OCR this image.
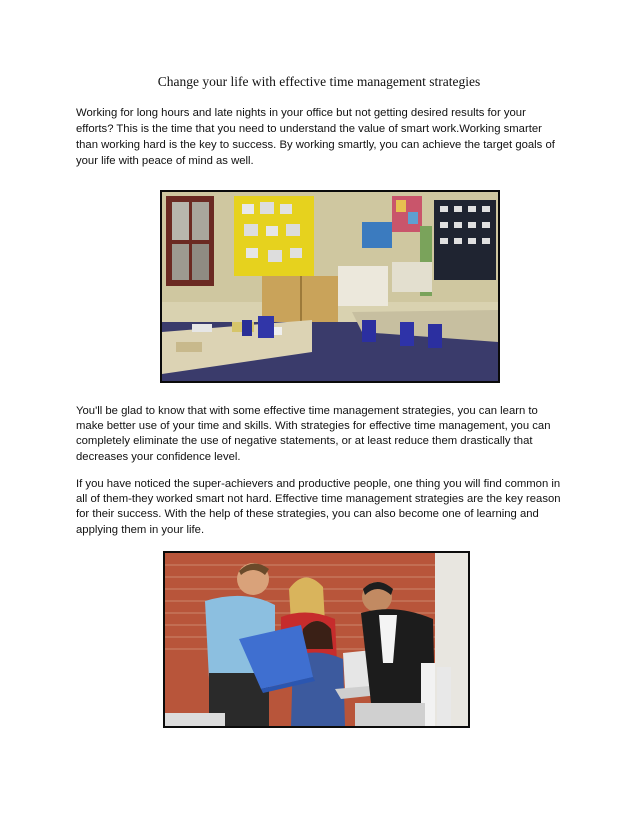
Change your life with effective time management strategies

Working for long hours and late nights in your office but not getting desired results for your efforts? This is the time that you need to understand the value of smart work.Working smarter than working hard is the key to success. By working smartly, you can achieve the target goals of your life with peace of mind as well.

You'll be glad to know that with some effective time management strategies, you can learn to make better use of your time and skills. With strategies for effective time management, you can completely eliminate the use of negative statements, or at least reduce them drastically that decreases your confidence level.

If you have noticed the super-achievers and productive people, one thing you will find common in all of them-they worked smart not hard. Effective time management strategies are the key reason for their success. With the help of these strategies, you can also become one of learning and applying them in your life.
